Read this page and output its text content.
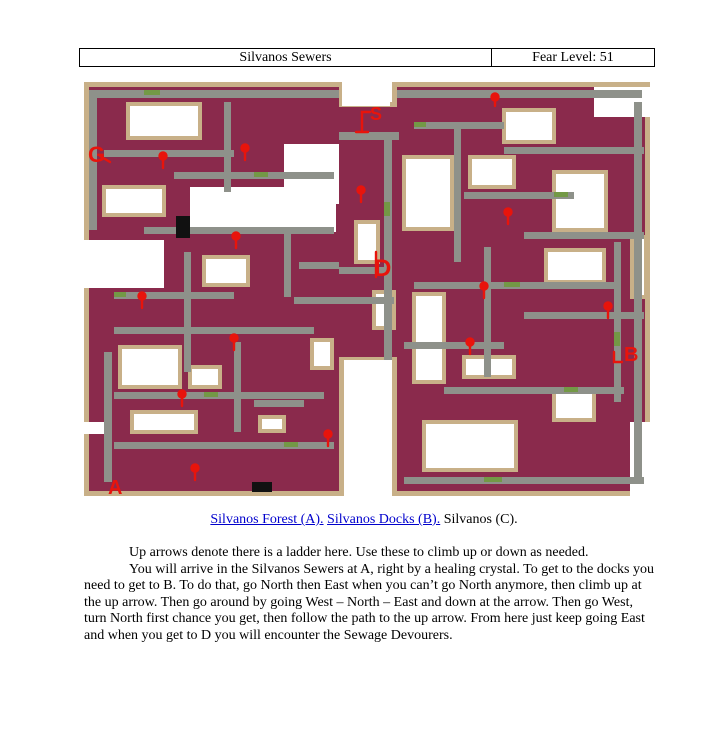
Silvanos Sewers	Fear Level: 51
A
B
D
G
S
Silvanos Forest (A). Silvanos Docks (B). Silvanos (C).

Up arrows denote there is a ladder here. Use these to climb up or down as needed.

You will arrive in the Silvanos Sewers at A, right by a healing crystal. To get to the docks you need to get to B. To do that, go North then East when you can’t go North anymore, then climb up at the up arrow. Then go around by going West – North – East and down at the arrow. Then go West, turn North first chance you get, then follow the path to the up arrow. From here just keep going East and when you get to D you will encounter the Sewage Devourers.
